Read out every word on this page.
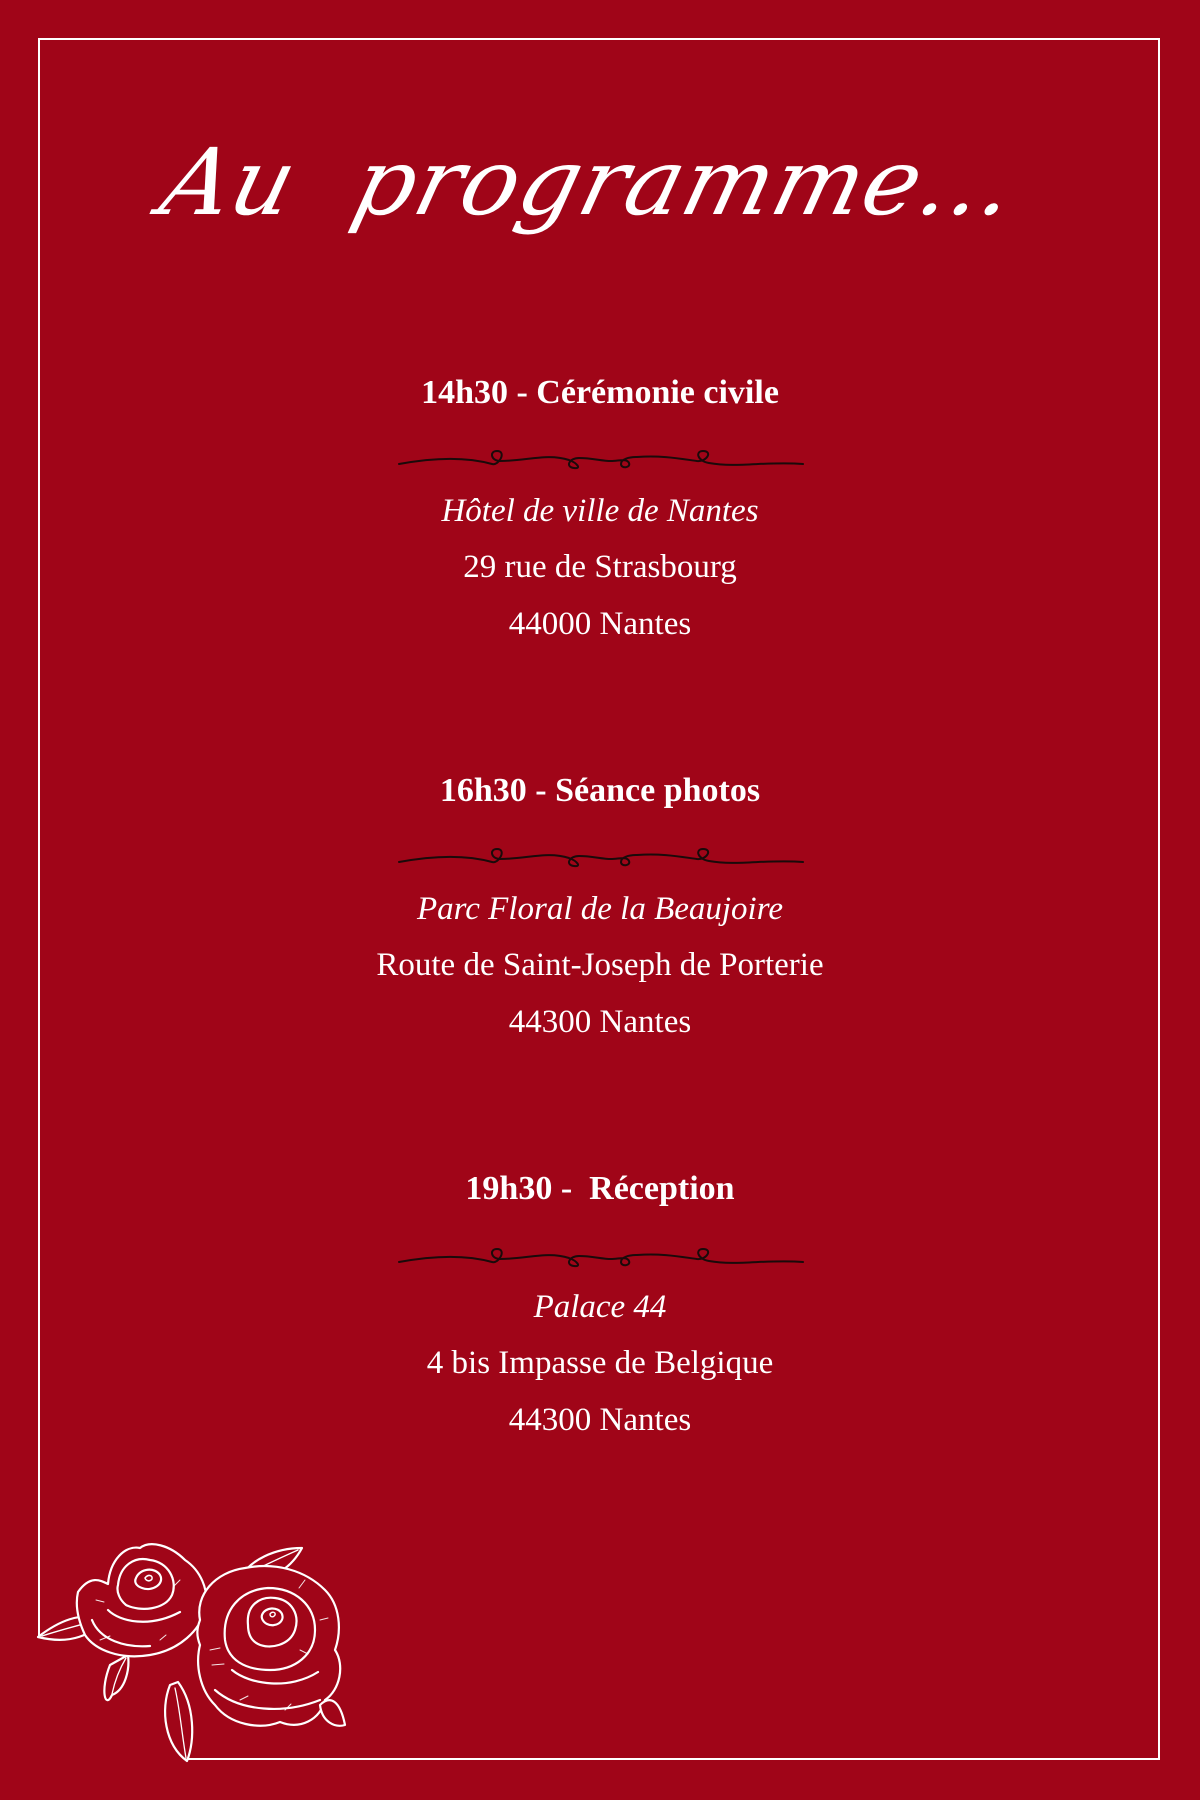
Au  programme...
14h30 - Cérémonie civile
Hôtel de ville de Nantes
29 rue de Strasbourg
44000 Nantes
16h30 - Séance photos
Parc Floral de la Beaujoire
Route de Saint-Joseph de Porterie
44300 Nantes
19h30 -  Réception
Palace 44
4 bis Impasse de Belgique
44300 Nantes
